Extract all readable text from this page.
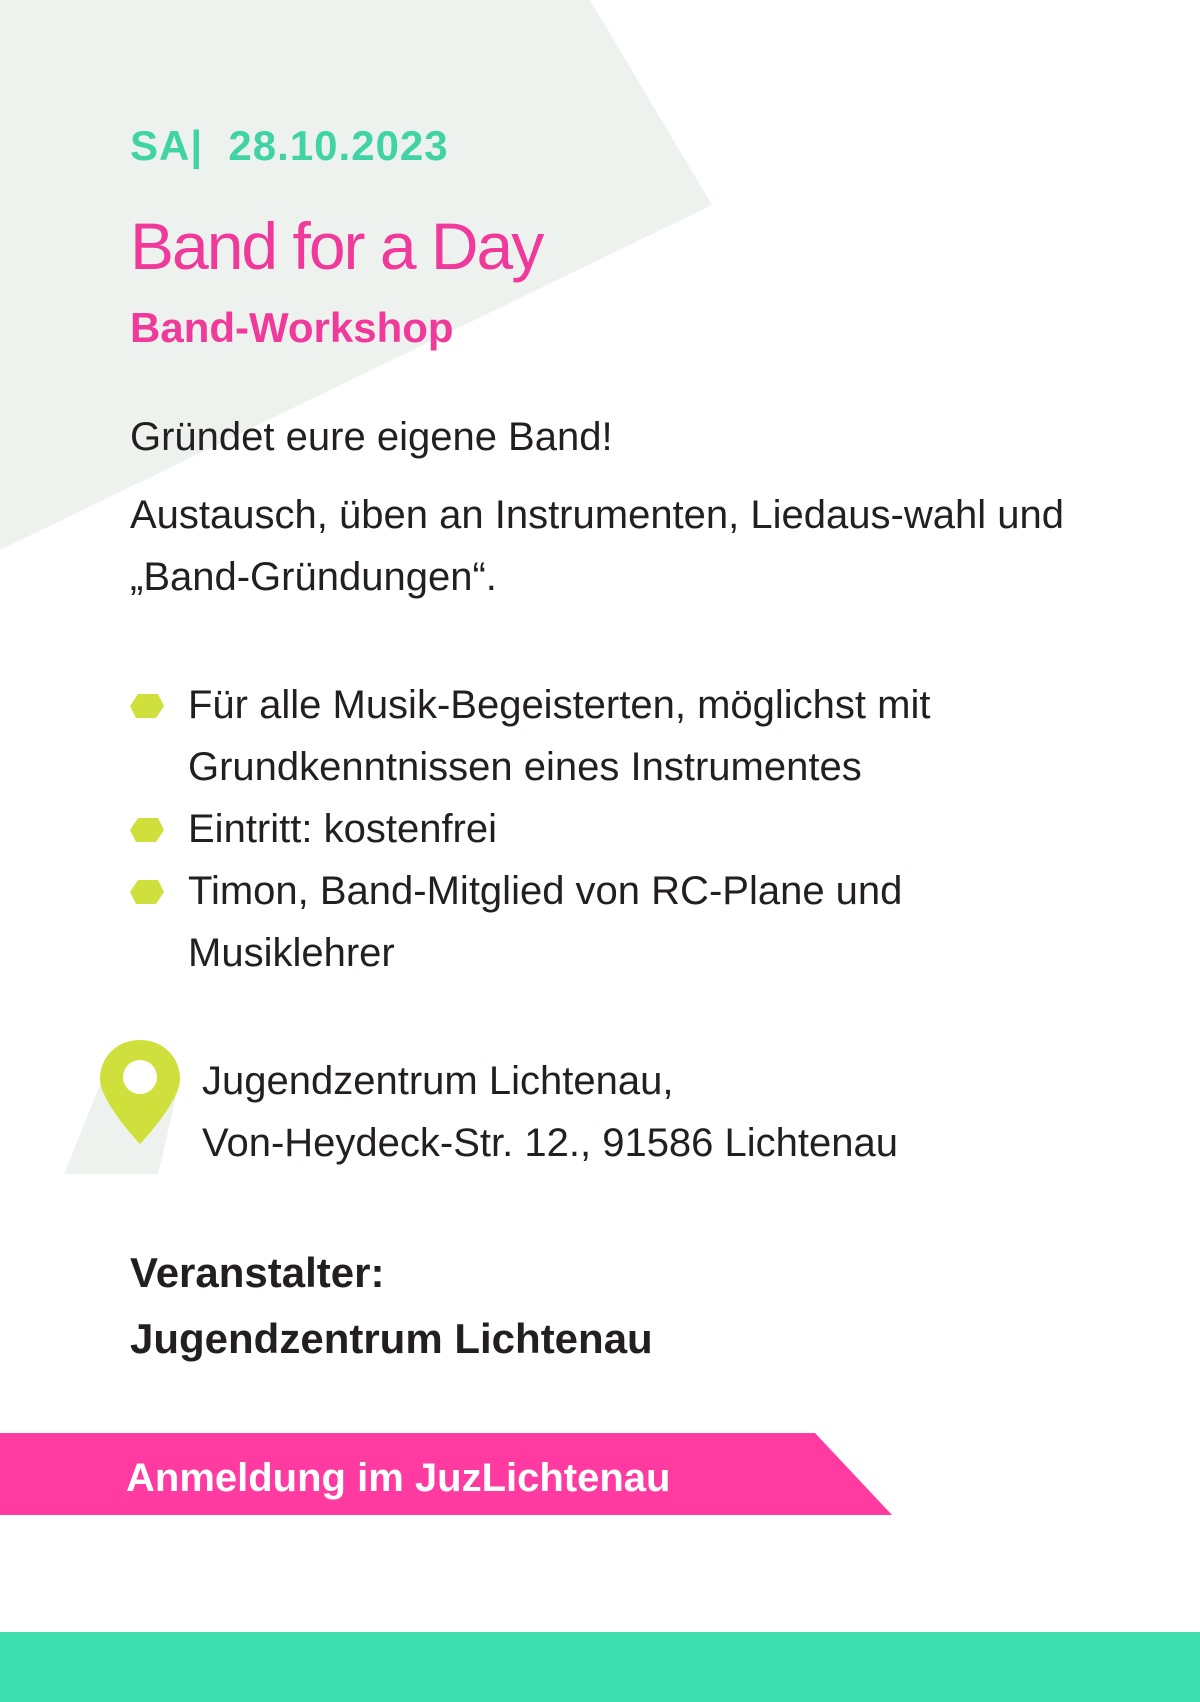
SA|  28.10.2023
Band for a Day
Band-Workshop

Gründet eure eigene Band!

Austausch, üben an Instrumenten, Liedaus-wahl und „Band-Gründungen“.

Für alle Musik-Begeisterten, möglichst mit Grundkenntnissen eines Instrumentes
Eintritt: kostenfrei
Timon, Band-Mitglied von RC-Plane und Musiklehrer
Jugendzentrum Lichtenau,
Von-Heydeck-Str. 12., 91586 Lichtenau
Veranstalter:
Jugendzentrum Lichtenau
Anmeldung im JuzLichtenau
